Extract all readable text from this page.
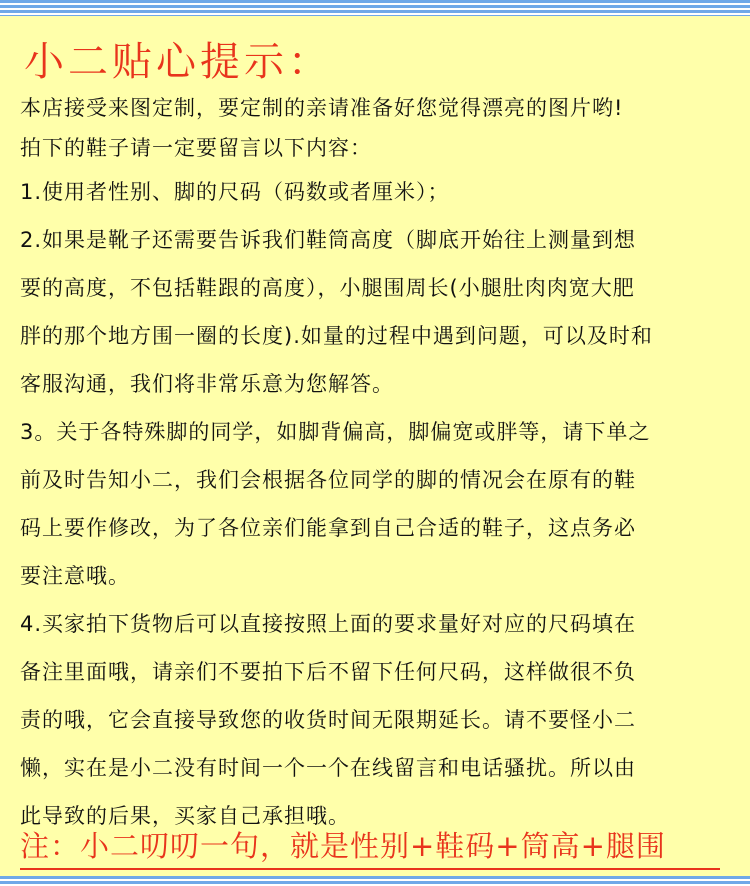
小二贴心提示：
本店接受来图定制，要定制的亲请准备好您觉得漂亮的图片哟!
拍下的鞋子请一定要留言以下内容：
1.使用者性别、脚的尺码（码数或者厘米）；
2.如果是靴子还需要告诉我们鞋筒高度（脚底开始往上测量到想
要的高度，不包括鞋跟的高度），小腿围周长(小腿肚肉肉宽大肥
胖的那个地方围一圈的长度).如量的过程中遇到问题，可以及时和
客服沟通，我们将非常乐意为您解答。
3。关于各特殊脚的同学，如脚背偏高，脚偏宽或胖等，请下单之
前及时告知小二，我们会根据各位同学的脚的情况会在原有的鞋
码上要作修改，为了各位亲们能拿到自己合适的鞋子，这点务必
要注意哦。
4.买家拍下货物后可以直接按照上面的要求量好对应的尺码填在
备注里面哦，请亲们不要拍下后不留下任何尺码，这样做很不负
责的哦，它会直接导致您的收货时间无限期延长。请不要怪小二
懒，实在是小二没有时间一个一个在线留言和电话骚扰。所以由
此导致的后果，买家自己承担哦。
注：小二叨叨一句，就是性别+鞋码+筒高+腿围
